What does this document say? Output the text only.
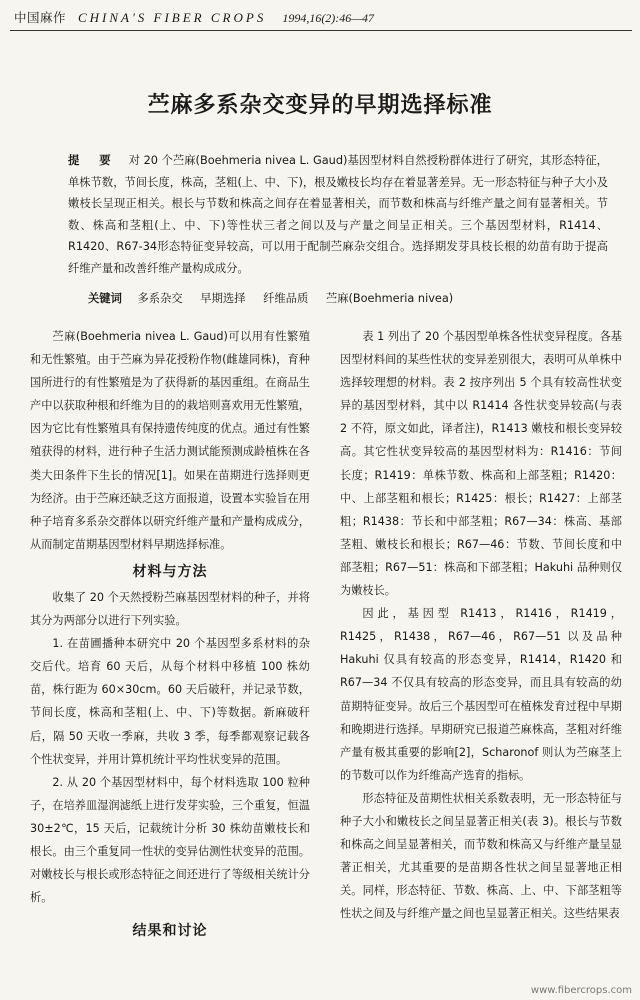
中国麻作 CHINA'S FIBER CROPS 1994,16(2):46—47
苎麻多系杂交变异的早期选择标准
提 要 对 20 个苎麻(Boehmeria nivea L. Gaud)基因型材料自然授粉群体进行了研究，其形态特征，单株节数，节间长度，株高，茎粗(上、中、下)，根及嫩枝长均存在着显著差异。无一形态特征与种子大小及嫩枝长呈现正相关。根长与节数和株高之间存在着显著相关，而节数和株高与纤维产量之间有显著相关。节数、株高和茎粗(上、中、下)等性状三者之间以及与产量之间呈正相关。三个基因型材料，R1414、R1420、R67-34形态特征变异较高，可以用于配制苎麻杂交组合。选择期发芽具枝长根的幼苗有助于提高纤维产量和改善纤维产量构成成分。
关键词 多系杂交 早期选择 纤维品质 苎麻(Boehmeria nivea)

苎麻(Boehmeria nivea L. Gaud)可以用有性繁殖和无性繁殖。由于苎麻为异花授粉作物(雌雄同株)，育种国所进行的有性繁殖是为了获得新的基因重组。在商品生产中以获取种根和纤维为目的的栽培则喜欢用无性繁殖，因为它比有性繁殖具有保持遗传纯度的优点。通过有性繁殖获得的材料，进行种子生活力测试能预测成龄植株在各类大田条件下生长的情况[1]。如果在苗期进行选择则更为经济。由于苎麻还缺乏这方面报道，设置本实验旨在用种子培育多系杂交群体以研究纤维产量和产量构成成分，从而制定苗期基因型材料早期选择标准。

材料与方法

收集了 20 个天然授粉苎麻基因型材料的种子，并将其分为两部分以进行下列实验。

1. 在苗圃播种本研究中 20 个基因型多系材料的杂交后代。培育 60 天后，从每个材料中移植 100 株幼苗，株行距为 60×30cm。60 天后破秆，并记录节数，节间长度，株高和茎粗(上、中、下)等数据。新麻破秆后，隔 50 天收一季麻，共收 3 季，每季都观察记载各个性状变异，并用计算机统计平均性状变异的范围。

2. 从 20 个基因型材料中，每个材料选取 100 粒种子，在培养皿湿润滤纸上进行发芽实验，三个重复，恒温 30±2℃，15 天后，记载统计分析 30 株幼苗嫩枝长和根长。由三个重复同一性状的变异估测性状变异的范围。对嫩枝长与根长或形态特征之间还进行了等级相关统计分析。

结果和讨论

表 1 列出了 20 个基因型单株各性状变异程度。各基因型材料间的某些性状的变异差别很大，表明可从单株中选择较理想的材料。表 2 按序列出 5 个具有较高性状变异的基因型材料，其中以 R1414 各性状变异较高(与表 2 不符，原文如此，译者注)，R1413 嫩枝和根长变异较高。其它性状变异较高的基因型材料为：R1416：节间长度；R1419：单株节数、株高和上部茎粗；R1420：中、上部茎粗和根长；R1425：根长；R1427：上部茎粗；R1438：节长和中部茎粗；R67—34：株高、基部茎粗、嫩枝长和根长；R67—46：节数、节间长度和中部茎粗；R67—51：株高和下部茎粗；Hakuhi 品种则仅为嫩枝长。

因此，基因型 R1413，R1416，R1419，R1425，R1438，R67—46，R67—51 以及品种 Hakuhi 仅具有较高的形态变异，R1414，R1420 和 R67—34 不仅具有较高的形态变异，而且具有较高的幼苗期特征变异。故后三个基因型可在植株发育过程中早期和晚期进行选择。早期研究已报道苎麻株高，茎粗对纤维产量有极其重要的影响[2]，Scharonof 则认为苎麻茎上的节数可以作为纤维高产选育的指标。

形态特征及苗期性状相关系数表明，无一形态特征与种子大小和嫩枝长之间呈显著正相关(表 3)。根长与节数和株高之间呈显著相关，而节数和株高又与纤维产量呈显著正相关，尤其重要的是苗期各性状之间呈显著地正相关。同样，形态特征、节数、株高、上、中、下部茎粗等性状之间及与纤维产量之间也呈显著正相关。这些结果表

www.fibercrops.com
